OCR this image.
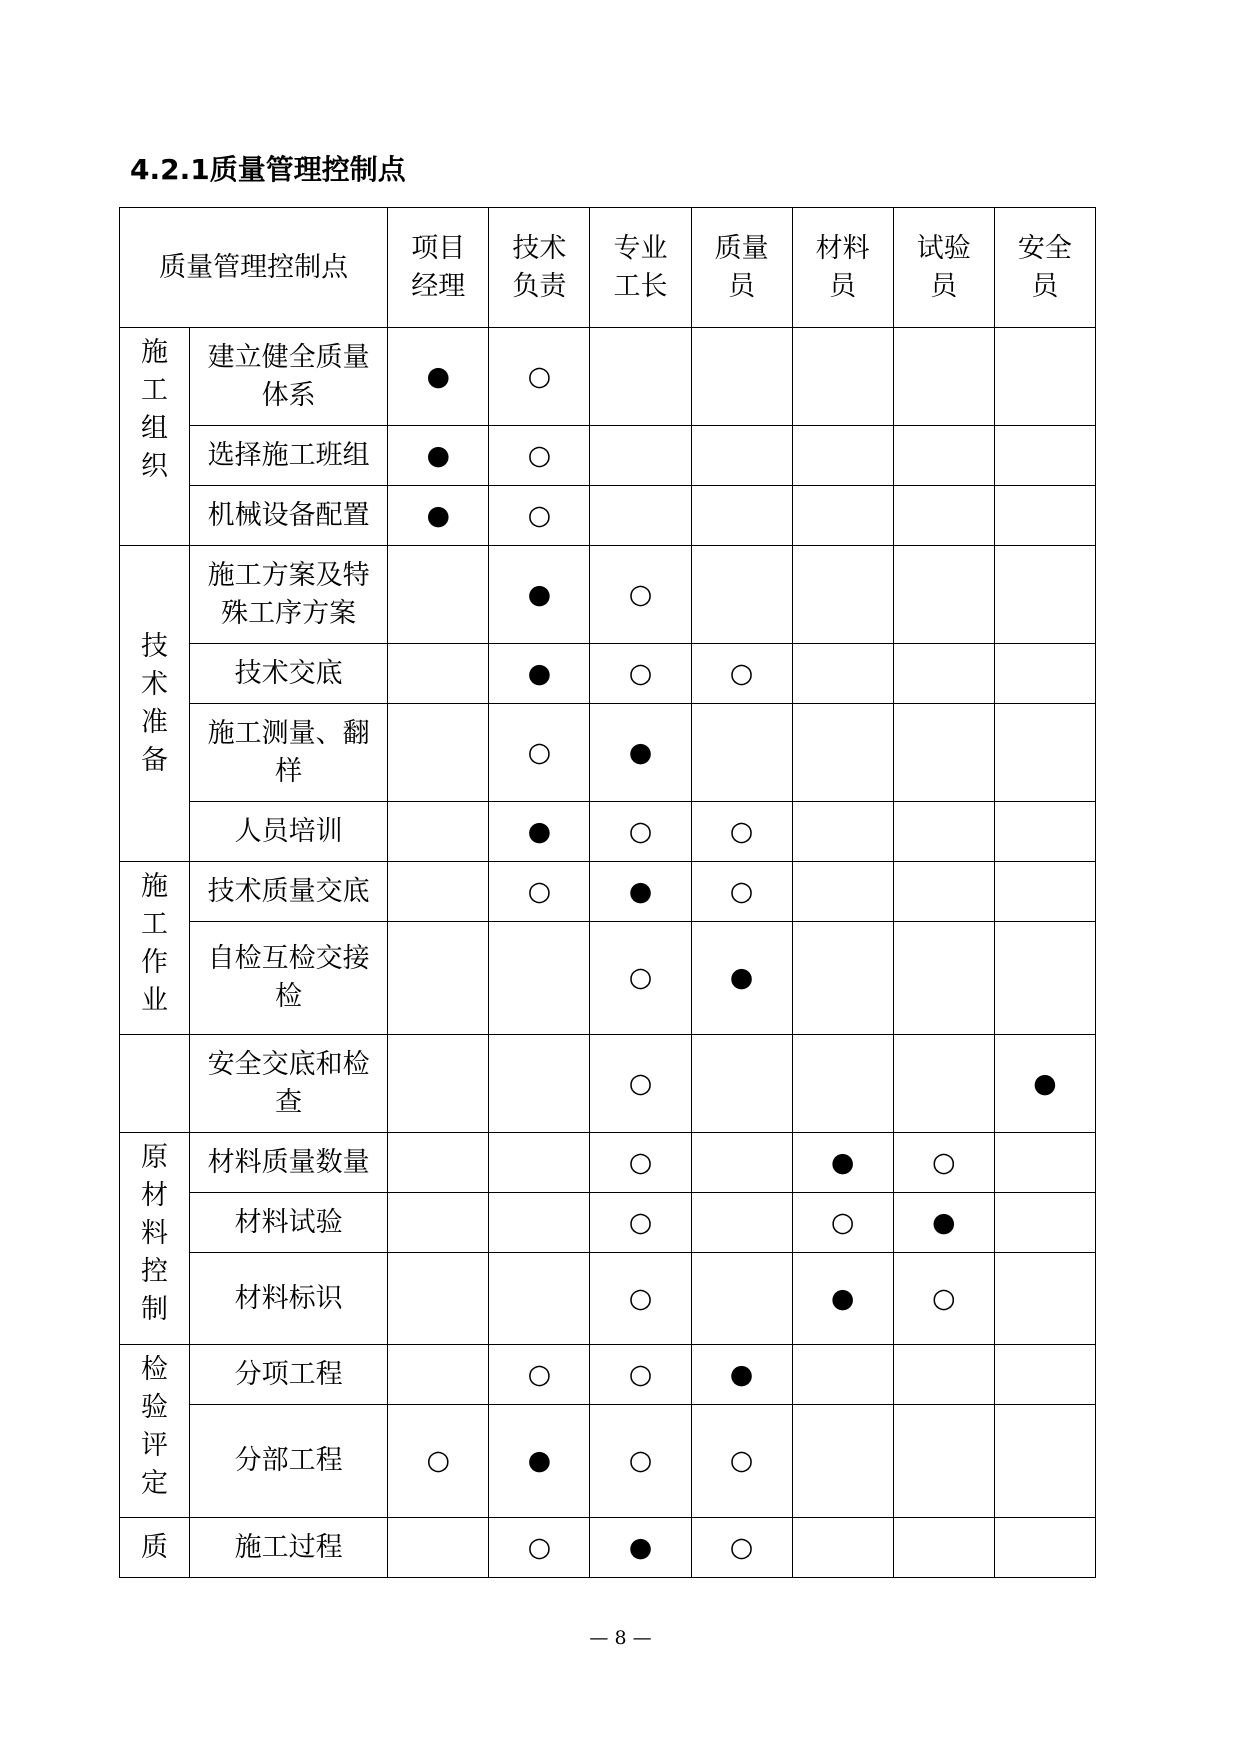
4.2.1质量管理控制点
质量管理控制点		项目经理	技术负责	专业工长	质量员	材料员	试验员	安全员
施工组织	建立健全质量体系	●	○					
	选择施工班组	●	○					
	机械设备配置	●	○					
技术准备	施工方案及特殊工序方案		●	○				
	技术交底		●	○	○			
	施工测量、翻样		○	●				
	人员培训		●	○	○			
施工作业	技术质量交底		○	●	○			
	自检互检交接检			○	●			
	安全交底和检查			○				●
原材料控制	材料质量数量			○		●	○	
	材料试验			○		○	●	
	材料标识			○		●	○	
检验评定	分项工程		○	○	●			
	分部工程	○	●	○	○			
质	施工过程		○	●	○			
— 8 —
